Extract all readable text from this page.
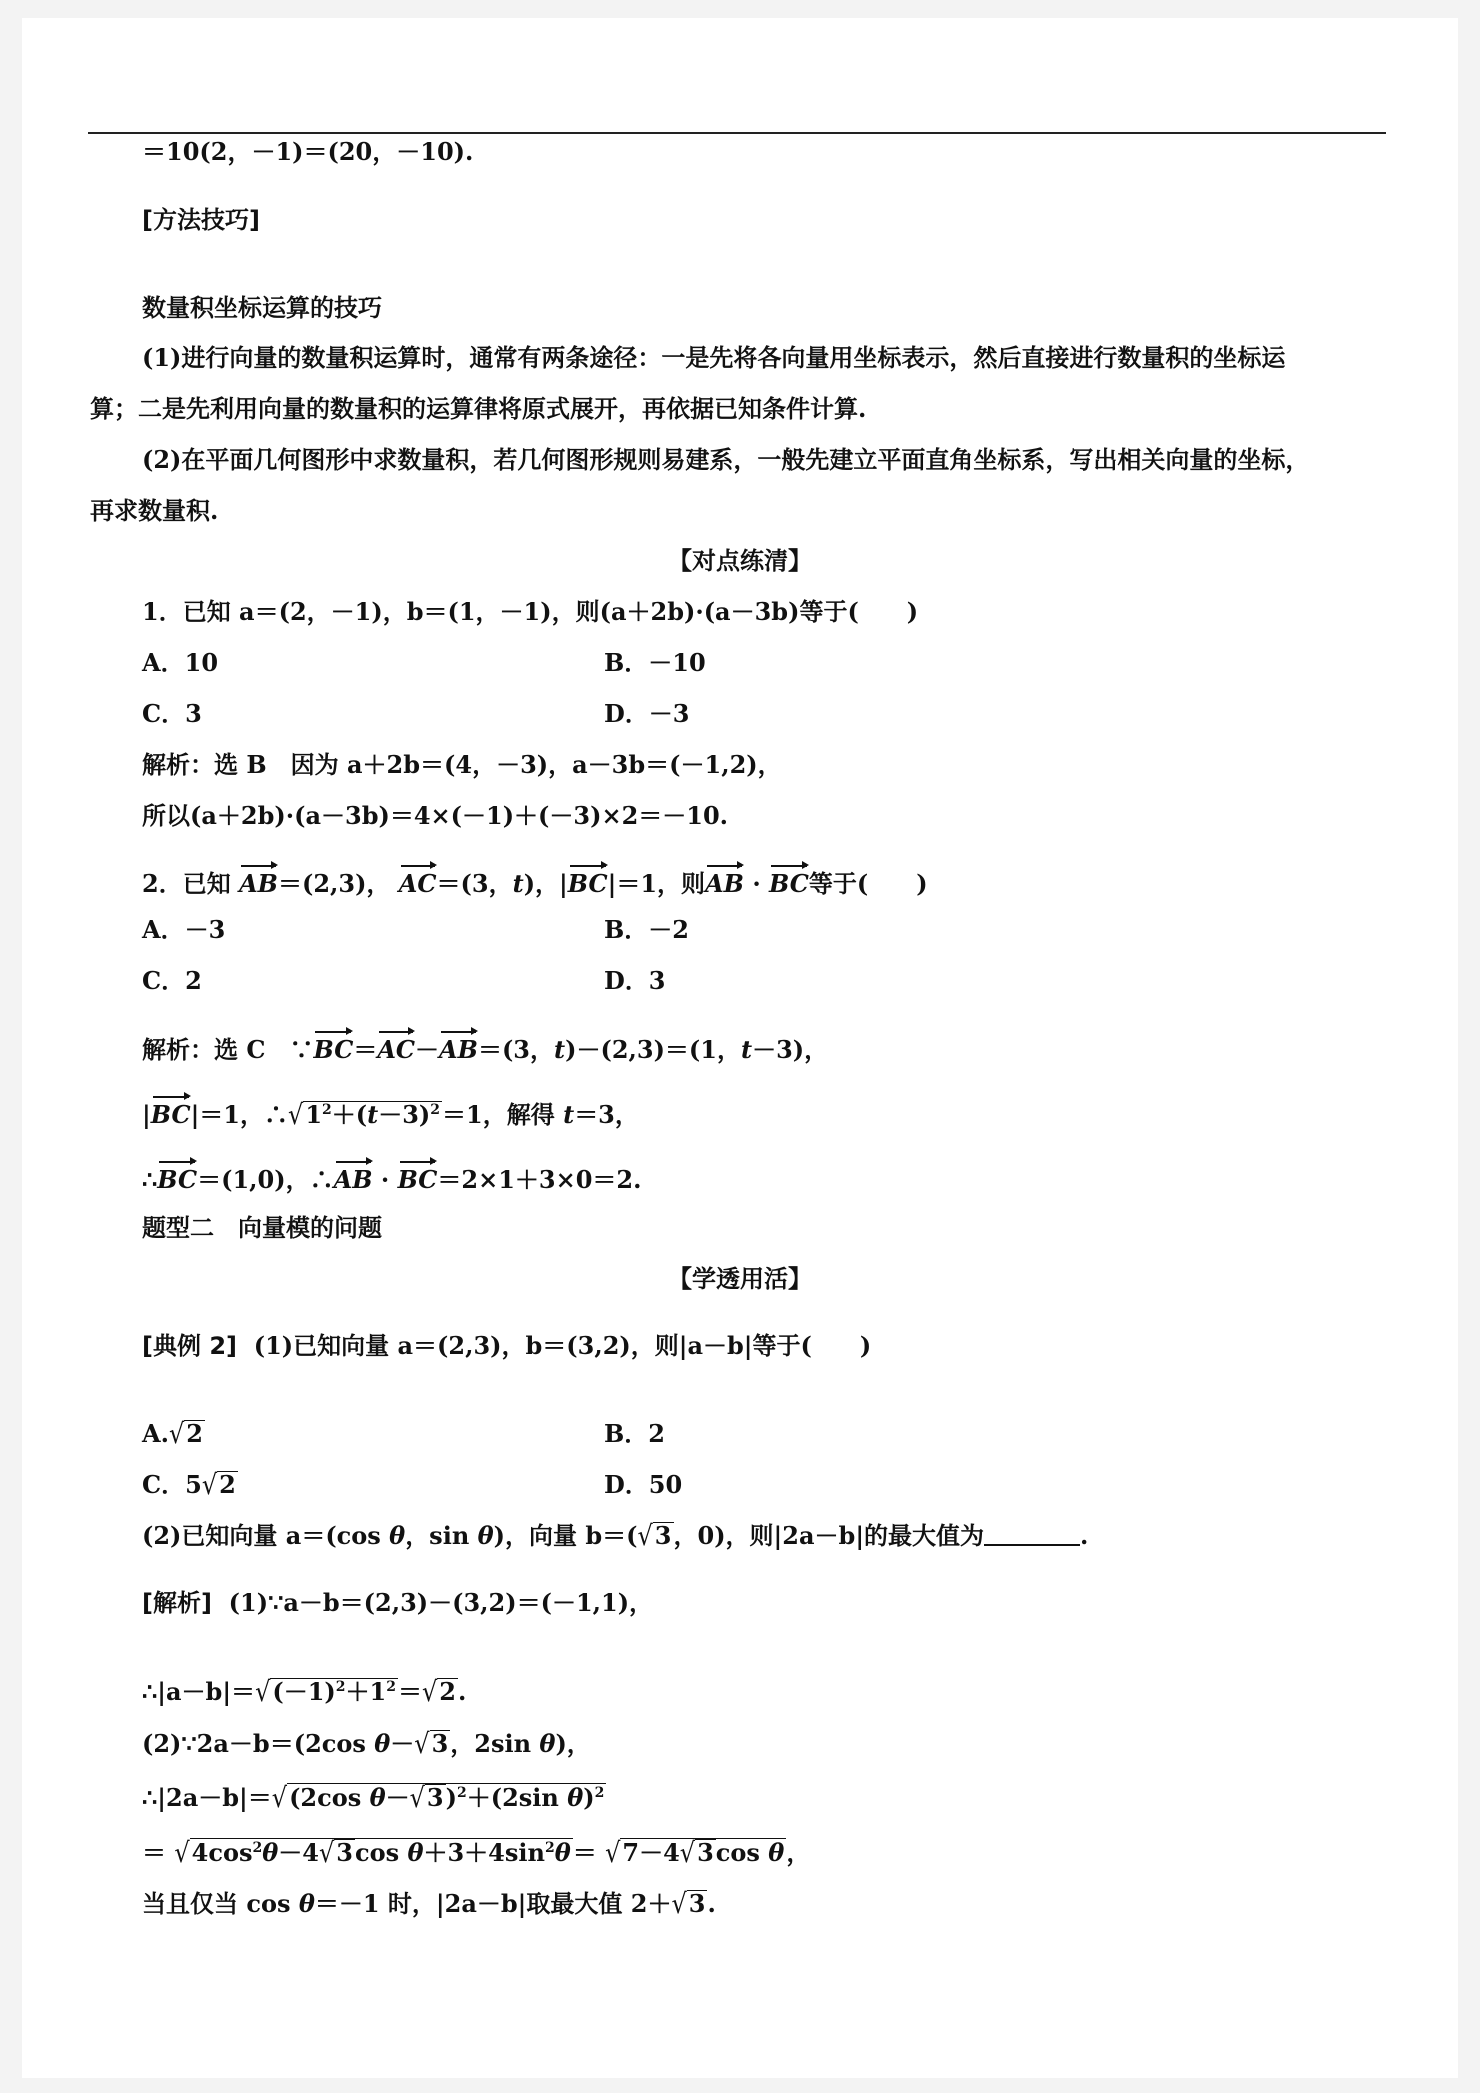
＝10(2，－1)＝(20，－10).
[方法技巧]
数量积坐标运算的技巧
(1)进行向量的数量积运算时，通常有两条途径：一是先将各向量用坐标表示，然后直接进行数量积的坐标运
算；二是先利用向量的数量积的运算律将原式展开，再依据已知条件计算.
(2)在平面几何图形中求数量积，若几何图形规则易建系，一般先建立平面直角坐标系，写出相关向量的坐标，
再求数量积.
【对点练清】
1．已知 a＝(2，－1)，b＝(1，－1)，则(a＋2b)·(a－3b)等于(　　)
A．10	B．－10
C．3	D．－3
解析：选 B　因为 a＋2b＝(4，－3)，a－3b＝(－1,2)，
所以(a＋2b)·(a－3b)＝4×(－1)＋(－3)×2＝－10.
2．已知 AB＝(2,3)， AC＝(3，t)，|BC|＝1，则AB · BC等于(　　)
A．－3	B．－2
C．2	D．3
解析：选 C　∵BC＝AC－AB＝(3，t)－(2,3)＝(1，t－3)，
|BC|＝1，$\therefore√1^2+(t-3)^2=1$，解得 t＝3，
∴BC＝(1,0)，∴AB · BC＝2×1＋3×0＝2.
题型二　向量模的问题
【学透用活】
[典例 2] (1)已知向量 a＝(2,3)，b＝(3,2)，则|a－b|等于(　　)
A.√2	B．2
C．5√2	D．50
(2)已知向量 a＝(cos θ，sin θ)，向量 b＝(√3，0)，则|2a－b|的最大值为	.
[解析] (1)∵a－b＝(2,3)－(3,2)＝(－1,1)，
$\therefore|a-b|=√(-1)^2+1^2=√2$.
(2)∵2a－b＝(2cos θ－√3，2sin θ)，
∴|2a－b|＝√(2cos θ－√3)$^2$＋(2sin θ)$^2$
＝ $√4\cos^2\theta-4√3\cos$ $\theta+3+4\sin^2\theta= √7-4√3\cos$ θ，
当且仅当 cos θ＝－1 时，|2a－b|取最大值 2＋√3.
